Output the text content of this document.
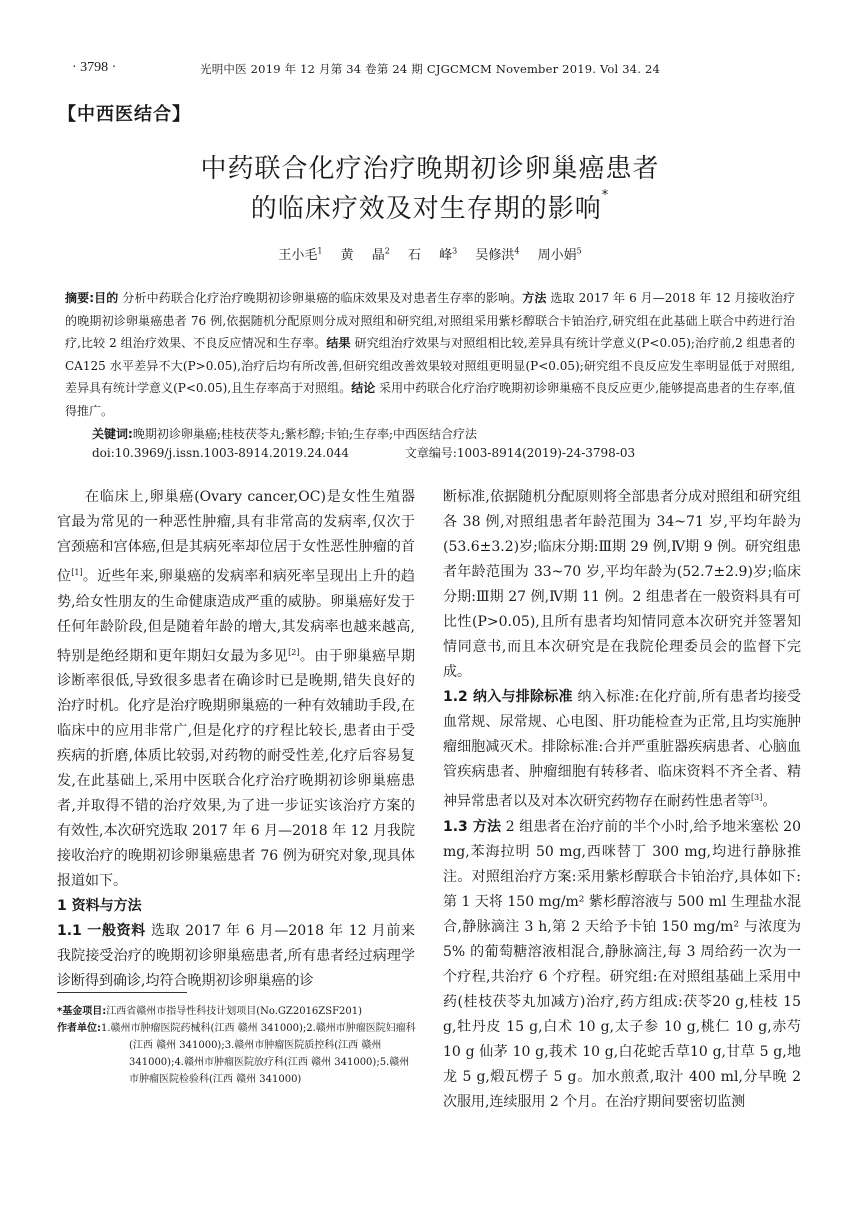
· 3798 ·	光明中医 2019 年 12 月第 34 卷第 24 期 CJGCMCM November 2019. Vol 34. 24
【中西医结合】
中药联合化疗治疗晚期初诊卵巢癌患者
的临床疗效及对生存期的影响*
王小毛$^1$ 黄 晶$^2$ 石 峰$^3$ 吴修洪$^4$ 周小娟$^5$
摘要:目的 分析中药联合化疗治疗晚期初诊卵巢癌的临床效果及对患者生存率的影响。方法 选取 2017 年 6 月—2018 年 12 月接收治疗的晚期初诊卵巢癌患者 76 例,依据随机分配原则分成对照组和研究组,对照组采用紫杉醇联合卡铂治疗,研究组在此基础上联合中药进行治疗,比较 2 组治疗效果、不良反应情况和生存率。结果 研究组治疗效果与对照组相比较,差异具有统计学意义(P<0.05);治疗前,2 组患者的 CA125 水平差异不大(P>0.05),治疗后均有所改善,但研究组改善效果较对照组更明显(P<0.05);研究组不良反应发生率明显低于对照组,差异具有统计学意义(P<0.05),且生存率高于对照组。结论 采用中药联合化疗治疗晚期初诊卵巢癌不良反应更少,能够提高患者的生存率,值得推广。
关键词:晚期初诊卵巢癌;桂枝茯苓丸;紫杉醇;卡铂;生存率;中西医结合疗法
doi:10.3969/j.issn.1003-8914.2019.24.044	文章编号:1003-8914(2019)-24-3798-03

在临床上,卵巢癌(Ovary cancer,OC)是女性生殖器官最为常见的一种恶性肿瘤,具有非常高的发病率,仅次于宫颈癌和宫体癌,但是其病死率却位居于女性恶性肿瘤的首位[1]。近些年来,卵巢癌的发病率和病死率呈现出上升的趋势,给女性朋友的生命健康造成严重的威胁。卵巢癌好发于任何年龄阶段,但是随着年龄的增大,其发病率也越来越高,特别是绝经期和更年期妇女最为多见[2]。由于卵巢癌早期诊断率很低,导致很多患者在确诊时已是晚期,错失良好的治疗时机。化疗是治疗晚期卵巢癌的一种有效辅助手段,在临床中的应用非常广,但是化疗的疗程比较长,患者由于受疾病的折磨,体质比较弱,对药物的耐受性差,化疗后容易复发,在此基础上,采用中医联合化疗治疗晚期初诊卵巢癌患者,并取得不错的治疗效果,为了进一步证实该治疗方案的有效性,本次研究选取 2017 年 6 月—2018 年 12 月我院接收治疗的晚期初诊卵巢癌患者 76 例为研究对象,现具体报道如下。

1 资料与方法

1.1 一般资料 选取 2017 年 6 月—2018 年 12 月前来我院接受治疗的晚期初诊卵巢癌患者,所有患者经过病理学诊断得到确诊,均符合晚期初诊卵巢癌的诊

*基金项目:江西省赣州市指导性科技计划项目(No.GZ2016ZSF201)

作者单位:1.赣州市肿瘤医院药械科(江西 赣州 341000);2.赣州市肿瘤医院妇瘤科(江西 赣州 341000);3.赣州市肿瘤医院质控科(江西 赣州 341000);4.赣州市肿瘤医院放疗科(江西 赣州 341000);5.赣州市肿瘤医院检验科(江西 赣州 341000)

断标准,依据随机分配原则将全部患者分成对照组和研究组各 38 例,对照组患者年龄范围为 34~71 岁,平均年龄为(53.6±3.2)岁;临床分期:Ⅲ期 29 例,Ⅳ期 9 例。研究组患者年龄范围为 33~70 岁,平均年龄为(52.7±2.9)岁;临床分期:Ⅲ期 27 例,Ⅳ期 11 例。2 组患者在一般资料具有可比性(P>0.05),且所有患者均知情同意本次研究并签署知情同意书,而且本次研究是在我院伦理委员会的监督下完成。

1.2 纳入与排除标准 纳入标准:在化疗前,所有患者均接受血常规、尿常规、心电图、肝功能检查为正常,且均实施肿瘤细胞减灭术。排除标准:合并严重脏器疾病患者、心脑血管疾病患者、肿瘤细胞有转移者、临床资料不齐全者、精神异常患者以及对本次研究药物存在耐药性患者等[3]。

1.3 方法 2 组患者在治疗前的半个小时,给予地米塞松 20 mg,苯海拉明 50 mg,西咪替丁 300 mg,均进行静脉推注。对照组治疗方案:采用紫杉醇联合卡铂治疗,具体如下:第 1 天将 150 mg/m² 紫杉醇溶液与 500 ml 生理盐水混合,静脉滴注 3 h,第 2 天给予卡铂 150 mg/m² 与浓度为 5% 的葡萄糖溶液相混合,静脉滴注,每 3 周给药一次为一个疗程,共治疗 6 个疗程。研究组:在对照组基础上采用中药(桂枝茯苓丸加减方)治疗,药方组成:茯苓20 g,桂枝 15 g,牡丹皮 15 g,白术 10 g,太子参 10 g,桃仁 10 g,赤芍 10 g 仙茅 10 g,莪术 10 g,白花蛇舌草10 g,甘草 5 g,地龙 5 g,煅瓦楞子 5 g。加水煎煮,取汁 400 ml,分早晚 2 次服用,连续服用 2 个月。在治疗期间要密切监测
